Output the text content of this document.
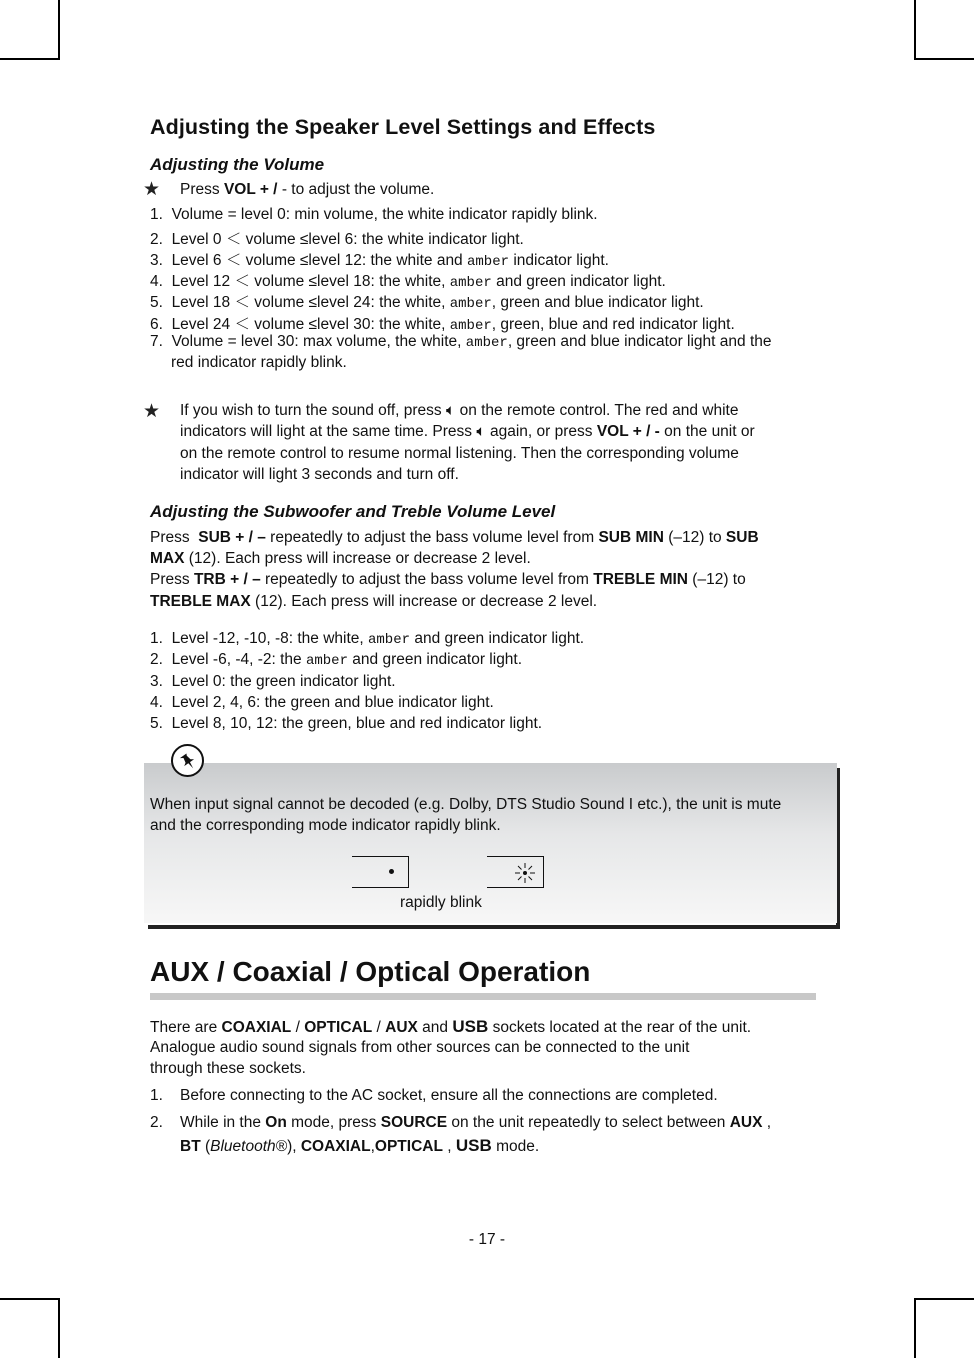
Adjusting the Speaker Level Settings and Effects
Adjusting the Volume
★ Press VOL + / - to adjust the volume.
1. Volume = level 0: min volume, the white indicator rapidly blink.
2. Level 0 ＜ volume ≤level 6: the white indicator light.
3. Level 6 ＜ volume ≤level 12: the white and amber indicator light.
4. Level 12 ＜ volume ≤level 18: the white, amber and green indicator light.
5. Level 18 ＜ volume ≤level 24: the white, amber, green and blue indicator light.
6. Level 24 ＜ volume ≤level 30: the white, amber, green, blue and red indicator light.
7. Volume = level 30: max volume, the white, amber, green and blue indicator light and the
red indicator rapidly blink.
★ If you wish to turn the sound off, press 🔈︎ on the remote control. The red and white
indicators will light at the same time. Press 🔈︎ again, or press VOL + / - on the unit or
on the remote control to resume normal listening. Then the corresponding volume
indicator will light 3 seconds and turn off.
Adjusting the Subwoofer and Treble Volume Level
Press SUB + / – repeatedly to adjust the bass volume level from SUB MIN (–12) to SUB
MAX (12). Each press will increase or decrease 2 level.
Press TRB + / – repeatedly to adjust the bass volume level from TREBLE MIN (–12) to
TREBLE MAX (12). Each press will increase or decrease 2 level.
1. Level -12, -10, -8: the white, amber and green indicator light.
2. Level -6, -4, -2: the amber and green indicator light.
3. Level 0: the green indicator light.
4. Level 2, 4, 6: the green and blue indicator light.
5. Level 8, 10, 12: the green, blue and red indicator light.
When input signal cannot be decoded (e.g. Dolby, DTS Studio Sound I etc.), the unit is mute
and the corresponding mode indicator rapidly blink.
rapidly blink
AUX / Coaxial / Optical Operation
There are COAXIAL / OPTICAL / AUX and USB sockets located at the rear of the unit.
Analogue audio sound signals from other sources can be connected to the unit
through these sockets.
1. Before connecting to the AC socket, ensure all the connections are completed.
2. While in the On mode, press SOURCE on the unit repeatedly to select between AUX ,
BT (Bluetooth®), COAXIAL,OPTICAL , USB mode.
- 17 -
